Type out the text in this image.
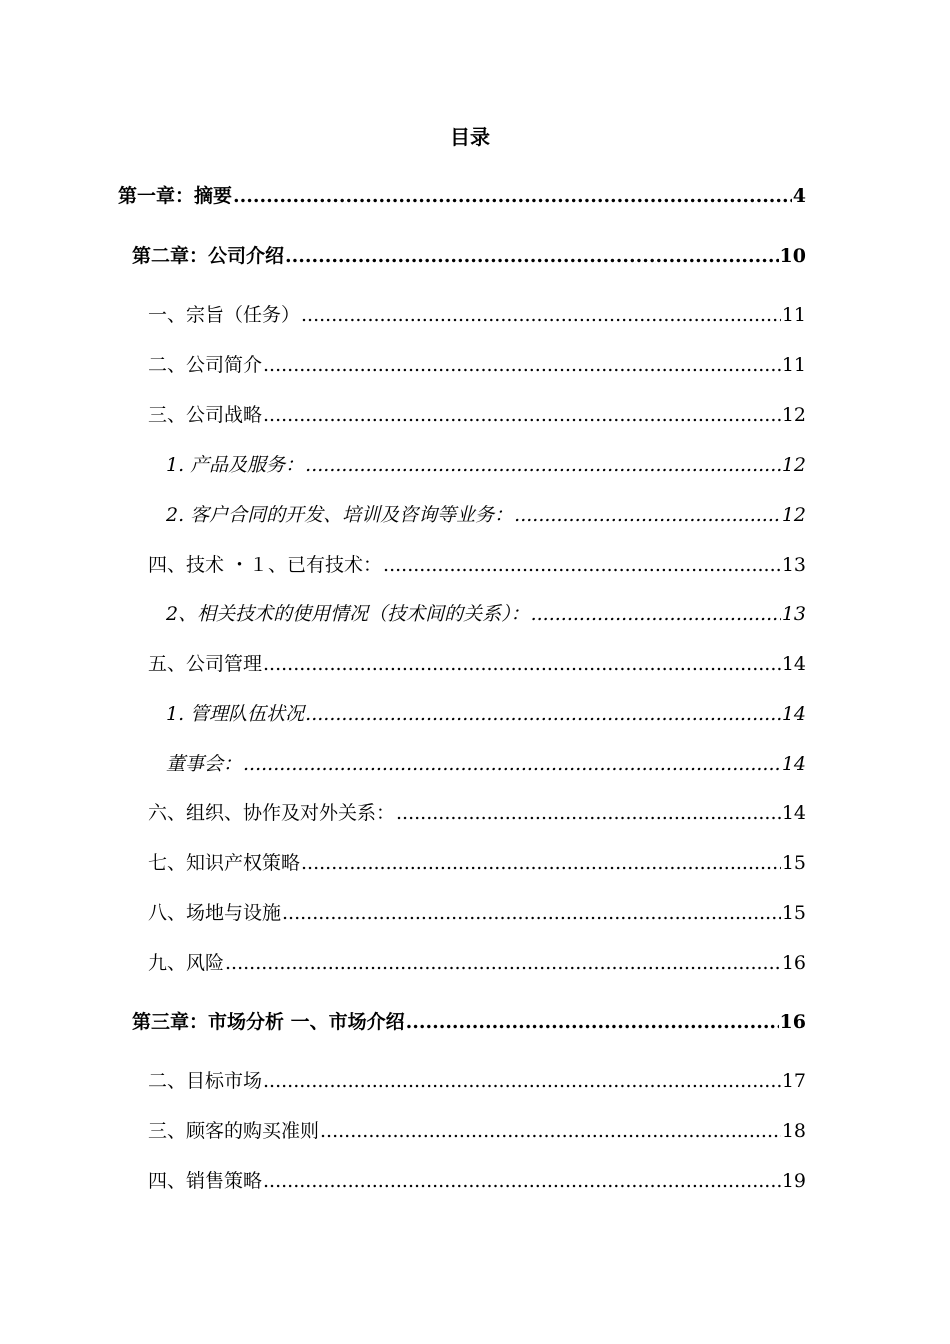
目录
第一章：摘要 .....	4
第二章：公司介绍 .....	10
一、宗旨（任务） .....	11
二、公司简介 .....	11
三、公司战略 .....	12
1. 产品及服务： .....	12
2. 客户合同的开发、培训及咨询等业务： .....	12
四、技术 ・１、已有技术： .....	13
2、相关技术的使用情况（技术间的关系）： .....	13
五、公司管理 .....	14
1. 管理队伍状况 .....	14
董事会： .....	14
六、组织、协作及对外关系： .....	14
七、知识产权策略 .....	15
八、场地与设施 .....	15
九、风险 .....	16
第三章：市场分析 一、市场介绍 .....	16
二、目标市场 .....	17
三、顾客的购买准则 .....	18
四、销售策略 .....	19
